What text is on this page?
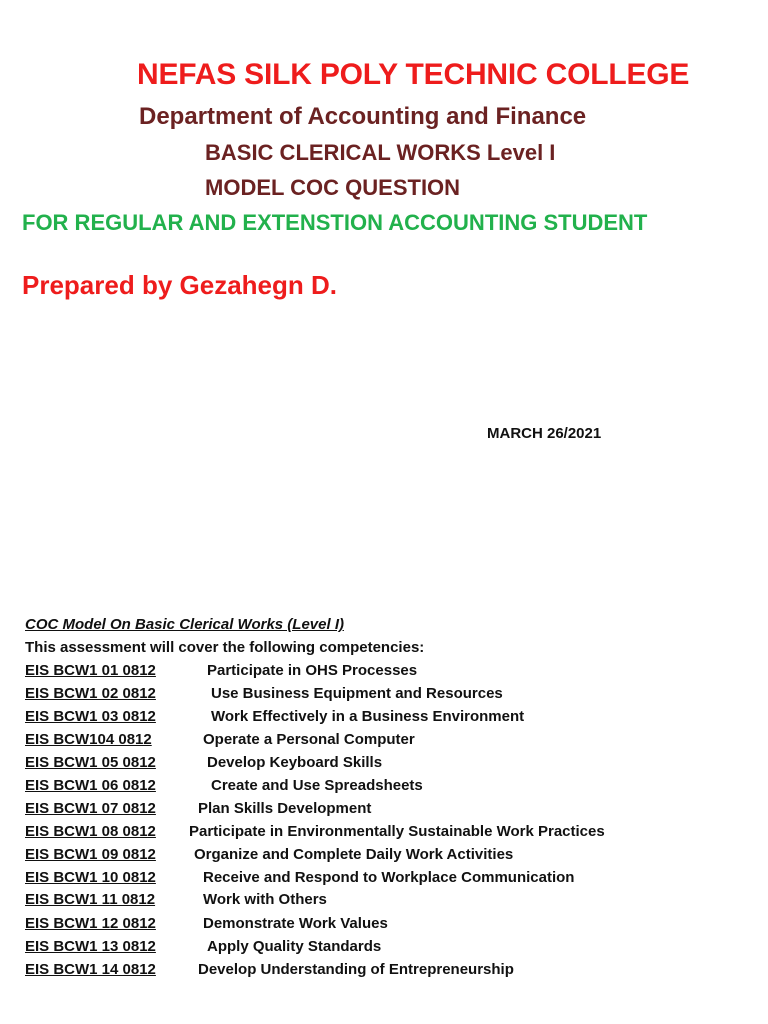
NEFAS SILK POLY TECHNIC COLLEGE
Department of Accounting and Finance
BASIC CLERICAL WORKS Level I
MODEL COC QUESTION
FOR REGULAR AND EXTENSTION ACCOUNTING STUDENT
Prepared by Gezahegn D.
MARCH 26/2021
COC Model On Basic Clerical Works (Level I)
This assessment will cover the following competencies:
EIS BCW1 01 0812	Participate in OHS Processes
EIS BCW1 02 0812	Use Business Equipment and Resources
EIS BCW1 03 0812	Work Effectively in a Business Environment
EIS BCW104 0812	Operate a Personal Computer
EIS BCW1 05 0812	Develop Keyboard Skills
EIS BCW1 06 0812	Create and Use Spreadsheets
EIS BCW1 07 0812	Plan Skills Development
EIS BCW1 08 0812 Participate in Environmentally Sustainable Work Practices
EIS BCW1 09 0812	Organize and Complete Daily Work Activities
EIS BCW1 10 0812	Receive and Respond to Workplace Communication
EIS BCW1 11 0812	Work with Others
EIS BCW1 12 0812	Demonstrate Work Values
EIS BCW1 13 0812	Apply Quality Standards
EIS BCW1 14 0812	Develop Understanding of Entrepreneurship
